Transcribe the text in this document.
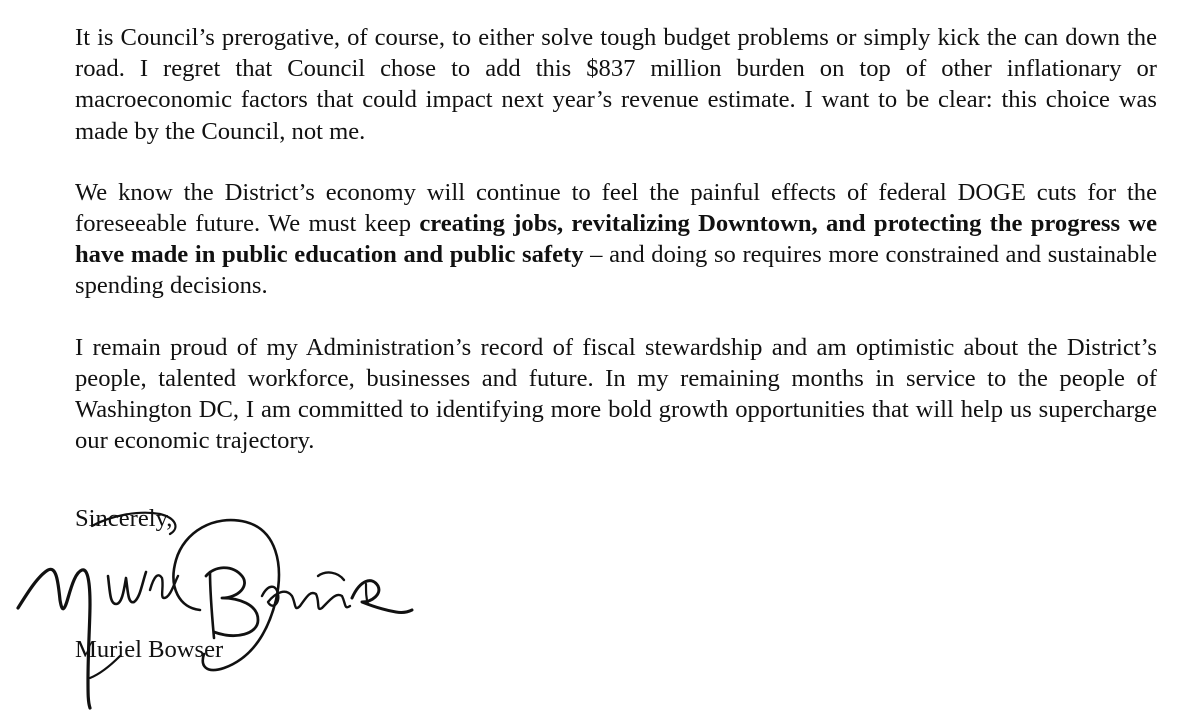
It is Council’s prerogative, of course, to either solve tough budget problems or simply kick the can down the road. I regret that Council chose to add this $837 million burden on top of other inflationary or macroeconomic factors that could impact next year’s revenue estimate. I want to be clear: this choice was made by the Council, not me.

We know the District’s economy will continue to feel the painful effects of federal DOGE cuts for the foreseeable future. We must keep creating jobs, revitalizing Downtown, and protecting the progress we have made in public education and public safety – and doing so requires more constrained and sustainable spending decisions.

I remain proud of my Administration’s record of fiscal stewardship and am optimistic about the District’s people, talented workforce, businesses and future. In my remaining months in service to the people of Washington DC, I am committed to identifying more bold growth opportunities that will help us supercharge our economic trajectory.

Sincerely,
Muriel Bowser
